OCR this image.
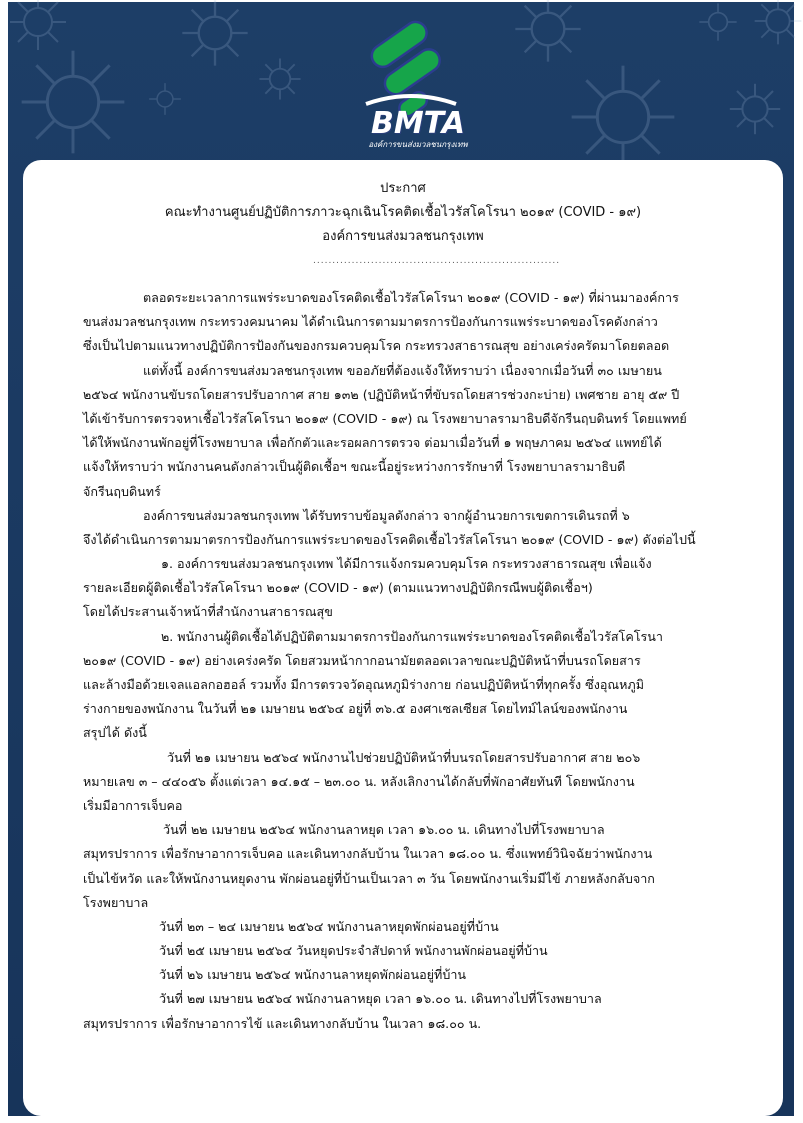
BMTA
องค์การขนส่งมวลชนกรุงเทพ
ประกาศ
คณะทำงานศูนย์ปฏิบัติการภาวะฉุกเฉินโรคติดเชื้อไวรัสโคโรนา ๒๐๑๙ (COVID - ๑๙)
องค์การขนส่งมวลชนกรุงเทพ
................................................................
ตลอดระยะเวลาการแพร่ระบาดของโรคติดเชื้อไวรัสโคโรนา ๒๐๑๙ (COVID - ๑๙) ที่ผ่านมาองค์การ
ขนส่งมวลชนกรุงเทพ กระทรวงคมนาคม ได้ดำเนินการตามมาตรการป้องกันการแพร่ระบาดของโรคดังกล่าว
ซึ่งเป็นไปตามแนวทางปฏิบัติการป้องกันของกรมควบคุมโรค กระทรวงสาธารณสุข อย่างเคร่งครัดมาโดยตลอด
แต่ทั้งนี้ องค์การขนส่งมวลชนกรุงเทพ ขออภัยที่ต้องแจ้งให้ทราบว่า เนื่องจากเมื่อวันที่ ๓๐ เมษายน
๒๕๖๔ พนักงานขับรถโดยสารปรับอากาศ สาย ๑๓๒ (ปฏิบัติหน้าที่ขับรถโดยสารช่วงกะบ่าย) เพศชาย อายุ ๕๙ ปี
ได้เข้ารับการตรวจหาเชื้อไวรัสโคโรนา ๒๐๑๙ (COVID - ๑๙) ณ โรงพยาบาลรามาธิบดีจักรีนฤบดินทร์ โดยแพทย์
ได้ให้พนักงานพักอยู่ที่โรงพยาบาล เพื่อกักตัวและรอผลการตรวจ ต่อมาเมื่อวันที่ ๑ พฤษภาคม ๒๕๖๔ แพทย์ได้
แจ้งให้ทราบว่า พนักงานคนดังกล่าวเป็นผู้ติดเชื้อฯ ขณะนี้อยู่ระหว่างการรักษาที่ โรงพยาบาลรามาธิบดี
จักรีนฤบดินทร์
องค์การขนส่งมวลชนกรุงเทพ ได้รับทราบข้อมูลดังกล่าว จากผู้อำนวยการเขตการเดินรถที่ ๖
จึงได้ดำเนินการตามมาตรการป้องกันการแพร่ระบาดของโรคติดเชื้อไวรัสโคโรนา ๒๐๑๙ (COVID - ๑๙) ดังต่อไปนี้
๑. องค์การขนส่งมวลชนกรุงเทพ ได้มีการแจ้งกรมควบคุมโรค กระทรวงสาธารณสุข เพื่อแจ้ง
รายละเอียดผู้ติดเชื้อไวรัสโคโรนา ๒๐๑๙ (COVID - ๑๙) (ตามแนวทางปฏิบัติกรณีพบผู้ติดเชื้อฯ)
โดยได้ประสานเจ้าหน้าที่สำนักงานสาธารณสุข
๒. พนักงานผู้ติดเชื้อได้ปฏิบัติตามมาตรการป้องกันการแพร่ระบาดของโรคติดเชื้อไวรัสโคโรนา
๒๐๑๙ (COVID - ๑๙) อย่างเคร่งครัด โดยสวมหน้ากากอนามัยตลอดเวลาขณะปฏิบัติหน้าที่บนรถโดยสาร
และล้างมือด้วยเจลแอลกอฮอล์ รวมทั้ง มีการตรวจวัดอุณหภูมิร่างกาย ก่อนปฏิบัติหน้าที่ทุกครั้ง ซึ่งอุณหภูมิ
ร่างกายของพนักงาน ในวันที่ ๒๑ เมษายน ๒๕๖๔ อยู่ที่ ๓๖.๕ องศาเซลเซียส โดยไทม์ไลน์ของพนักงาน
สรุปได้ ดังนี้
วันที่ ๒๑ เมษายน ๒๕๖๔ พนักงานไปช่วยปฏิบัติหน้าที่บนรถโดยสารปรับอากาศ สาย ๒๐๖
หมายเลข ๓ – ๔๔๐๕๖ ตั้งแต่เวลา ๑๔.๑๕ – ๒๓.๐๐ น. หลังเลิกงานได้กลับที่พักอาศัยทันที โดยพนักงาน
เริ่มมีอาการเจ็บคอ
วันที่ ๒๒ เมษายน ๒๕๖๔ พนักงานลาหยุด เวลา ๑๖.๐๐ น. เดินทางไปที่โรงพยาบาล
สมุทรปราการ เพื่อรักษาอาการเจ็บคอ และเดินทางกลับบ้าน ในเวลา ๑๘.๐๐ น. ซึ่งแพทย์วินิจฉัยว่าพนักงาน
เป็นไข้หวัด และให้พนักงานหยุดงาน พักผ่อนอยู่ที่บ้านเป็นเวลา ๓ วัน โดยพนักงานเริ่มมีไข้ ภายหลังกลับจาก
โรงพยาบาล
วันที่ ๒๓ – ๒๔ เมษายน ๒๕๖๔ พนักงานลาหยุดพักผ่อนอยู่ที่บ้าน
วันที่ ๒๕ เมษายน ๒๕๖๔ วันหยุดประจำสัปดาห์ พนักงานพักผ่อนอยู่ที่บ้าน
วันที่ ๒๖ เมษายน ๒๕๖๔ พนักงานลาหยุดพักผ่อนอยู่ที่บ้าน
วันที่ ๒๗ เมษายน ๒๕๖๔ พนักงานลาหยุด เวลา ๑๖.๐๐ น. เดินทางไปที่โรงพยาบาล
สมุทรปราการ เพื่อรักษาอาการไข้ และเดินทางกลับบ้าน ในเวลา ๑๘.๐๐ น.
